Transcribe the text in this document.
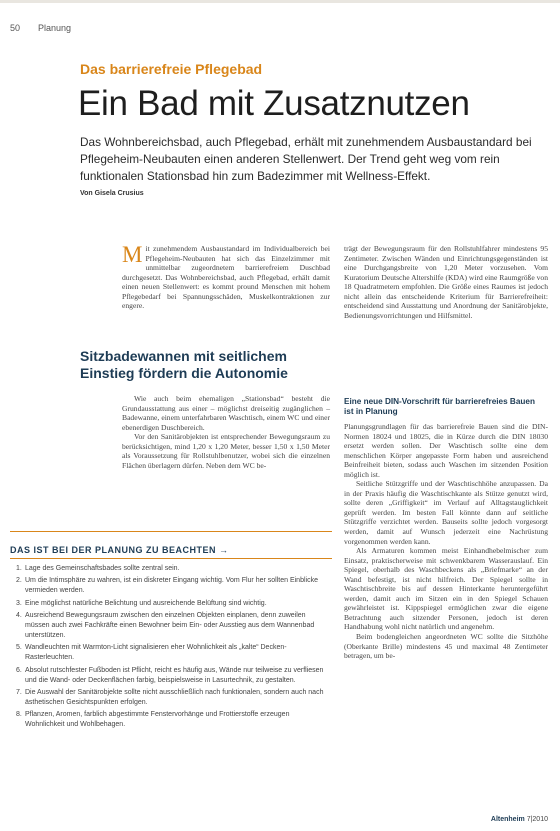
50 Planung
Das barrierefreie Pflegebad
Ein Bad mit Zusatznutzen

Das Wohnbereichsbad, auch Pflegebad, erhält mit zunehmendem Ausbaustandard bei Pflegeheim-Neubauten einen anderen Stellenwert. Der Trend geht weg vom rein funktionalen Stationsbad hin zum Badezimmer mit Wellness-Effekt.

Von Gisela Crusius

Mit zunehmendem Ausbaustandard im Individualbereich bei Pflegeheim-Neubauten hat sich das Einzelzimmer mit unmittelbar zugeordnetem barrierefreiem Duschbad durchgesetzt. Das Wohnbereichsbad, auch Pflegebad, erhält damit einen neuen Stellenwert: es kommt pround Menschen mit hohem Pflegebedarf bei Spannungsschäden, Muskelkontraktionen zur engere.

Sitzbadewannen mit seitlichem Einstieg fördern die Autonomie

Wie auch beim ehemaligen „Stationsbad“ besteht die Grundausstattung aus einer – möglichst dreiseitig zugänglichen – Badewanne, einem unterfahrbaren Waschtisch, einem WC und einer ebenerdigen Duschbereich.

Vor den Sanitärobjekten ist entsprechender Bewegungsraum zu berücksichtigen, mind 1,20 x 1,20 Meter, besser 1,50 x 1,50 Meter als Voraussetzung für Rollstuhlbenutzer, wobei sich die einzelnen Flächen überlagern dürfen. Neben dem WC be-

trägt der Bewegungsraum für den Rollstuhlfahrer mindestens 95 Zentimeter. Zwischen Wänden und Einrichtungsgegenständen ist eine Durchgangsbreite von 1,20 Meter vorzusehen. Vom Kuratorium Deutsche Altershilfe (KDA) wird eine Raumgröße von 18 Quadratmetern empfohlen. Die Größe eines Raumes ist jedoch nicht allein das entscheidende Kriterium für Barrierefreiheit: entscheidend sind Ausstattung und Anordnung der Sanitärobjekte, Bedienungsvorrichtungen und Hilfsmittel.

Eine neue DIN-Vorschrift für barrierefreies Bauen ist in Planung

Planungsgrundlagen für das barrierefreie Bauen sind die DIN-Normen 18024 und 18025, die in Kürze durch die DIN 18030 ersetzt werden sollen. Der Waschtisch sollte eine dem menschlichen Körper angepasste Form haben und ausreichend Beinfreiheit bieten, sodass auch Waschen im sitzenden Position möglich ist.

Seitliche Stützgriffe und der Waschtischhöhe anzupassen. Da in der Praxis häufig die Waschtischkante als Stütze genutzt wird, sollte deren „Griffigkeit“ im Verlauf auf Alltagstauglichkeit geprüft werden. Im besten Fall könnte dann auf seitliche Stützgriffe verzichtet werden. Bauseits sollte jedoch vorgesorgt werden, damit auf Wunsch jederzeit eine Nachrüstung vorgenommen werden kann.

Als Armaturen kommen meist Einhandhebelmischer zum Einsatz, praktischerweise mit schwenkbarem Wasserauslauf. Ein Spiegel, oberhalb des Waschbeckens als „Briefmarke“ an der Wand befestigt, ist nicht hilfreich. Der Spiegel sollte in Waschtischbreite bis auf dessen Hinterkante heruntergeführt werden, damit auch im Sitzen ein in den Spiegel Schauen gewährleistet ist. Kippspiegel ermöglichen zwar die eigene Betrachtung auch sitzender Personen, jedoch ist deren Handhabung wohl nicht natürlich und angenehm.

Beim bodengleichen angeordneten WC sollte die Sitzhöhe (Oberkante Brille) mindestens 45 und maximal 48 Zentimeter betragen, um be-

DAS IST BEI DER PLANUNG ZU BEACHTEN →
1. Lage des Gemeinschaftsbades sollte zentral sein.
2. Um die Intimsphäre zu wahren, ist ein diskreter Eingang wichtig. Vom Flur her sollten Einblicke vermieden werden.
3. Eine möglichst natürliche Belichtung und ausreichende Belüftung sind wichtig.
4. Ausreichend Bewegungsraum zwischen den einzelnen Objekten einplanen, denn zuweilen müssen auch zwei Fachkräfte einen Bewohner beim Ein- oder Ausstieg aus dem Wannenbad unterstützen.
5. Wandleuchten mit Warmton-Licht signalisieren eher Wohnlichkeit als „kalte“ Decken-Rasterleuchten.
6. Absolut rutschfester Fußboden ist Pflicht, reicht es häufig aus, Wände nur teilweise zu verfliesen und die Wand- oder Deckenflächen farbig, beispielsweise in Lasurtechnik, zu gestalten.
7. Die Auswahl der Sanitärobjekte sollte nicht ausschließlich nach funktionalen, sondern auch nach ästhetischen Gesichtspunkten erfolgen.
8. Pflanzen, Aromen, farblich abgestimmte Fenstervorhänge und Frottierstoffe erzeugen Wohnlichkeit und Wohlbehagen.
Altenheim 7|2010
